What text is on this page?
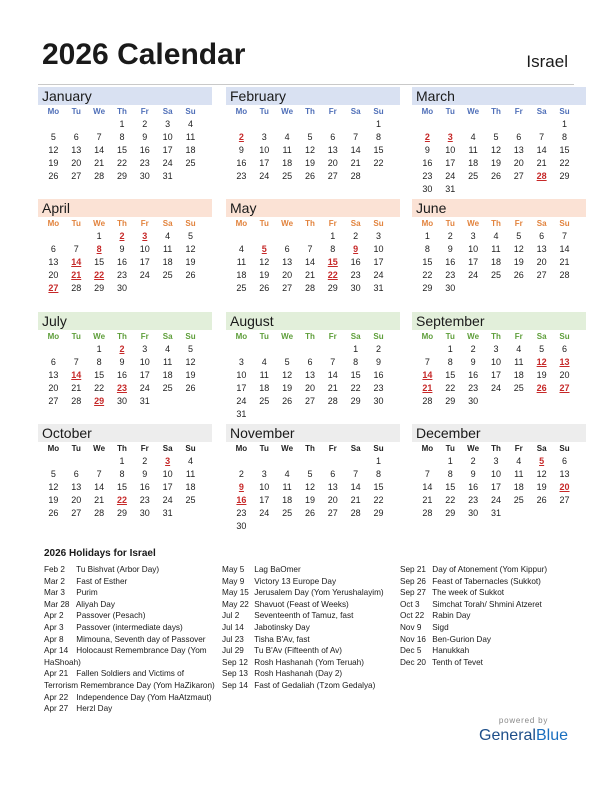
2026 Calendar	Israel
January
Mo	Tu	We	Th	Fr	Sa	Su
			1	2	3	4
5	6	7	8	9	10	11
12	13	14	15	16	17	18
19	20	21	22	23	24	25
26	27	28	29	30	31	
February
Mo	Tu	We	Th	Fr	Sa	Su
						1
2	3	4	5	6	7	8
9	10	11	12	13	14	15
16	17	18	19	20	21	22
23	24	25	26	27	28	
March
Mo	Tu	We	Th	Fr	Sa	Su
						1
2	3	4	5	6	7	8
9	10	11	12	13	14	15
16	17	18	19	20	21	22
23	24	25	26	27	28	29
30	31					
April
Mo	Tu	We	Th	Fr	Sa	Su
		1	2	3	4	5
6	7	8	9	10	11	12
13	14	15	16	17	18	19
20	21	22	23	24	25	26
27	28	29	30			
May
Mo	Tu	We	Th	Fr	Sa	Su
				1	2	3
4	5	6	7	8	9	10
11	12	13	14	15	16	17
18	19	20	21	22	23	24
25	26	27	28	29	30	31
June
Mo	Tu	We	Th	Fr	Sa	Su
1	2	3	4	5	6	7
8	9	10	11	12	13	14
15	16	17	18	19	20	21
22	23	24	25	26	27	28
29	30					
July
Mo	Tu	We	Th	Fr	Sa	Su
		1	2	3	4	5
6	7	8	9	10	11	12
13	14	15	16	17	18	19
20	21	22	23	24	25	26
27	28	29	30	31		
August
Mo	Tu	We	Th	Fr	Sa	Su
					1	2
3	4	5	6	7	8	9
10	11	12	13	14	15	16
17	18	19	20	21	22	23
24	25	26	27	28	29	30
31						
September
Mo	Tu	We	Th	Fr	Sa	Su
	1	2	3	4	5	6
7	8	9	10	11	12	13
14	15	16	17	18	19	20
21	22	23	24	25	26	27
28	29	30				
October
Mo	Tu	We	Th	Fr	Sa	Su
			1	2	3	4
5	6	7	8	9	10	11
12	13	14	15	16	17	18
19	20	21	22	23	24	25
26	27	28	29	30	31	
November
Mo	Tu	We	Th	Fr	Sa	Su
						1
2	3	4	5	6	7	8
9	10	11	12	13	14	15
16	17	18	19	20	21	22
23	24	25	26	27	28	29
30						
December
Mo	Tu	We	Th	Fr	Sa	Su
	1	2	3	4	5	6
7	8	9	10	11	12	13
14	15	16	17	18	19	20
21	22	23	24	25	26	27
28	29	30	31			
2026 Holidays for Israel
Feb 2 Tu Bishvat (Arbor Day)
Mar 2 Fast of Esther
Mar 3 Purim
Mar 28 Aliyah Day
Apr 2 Passover (Pesach)
Apr 3 Passover (intermediate days)
Apr 8 Mimouna, Seventh day of Passover
Apr 14 Holocaust Remembrance Day (Yom HaShoah)
Apr 21 Fallen Soldiers and Victims of Terrorism Remembrance Day (Yom HaZikaron)
Apr 22 Independence Day (Yom HaAtzmaut)
Apr 27 Herzl Day
May 5 Lag BaOmer
May 9 Victory 13 Europe Day
May 15 Jerusalem Day (Yom Yerushalayim)
May 22 Shavuot (Feast of Weeks)
Jul 2 Seventeenth of Tamuz, fast
Jul 14 Jabotinsky Day
Jul 23 Tisha B'Av, fast
Jul 29 Tu B'Av (Fifteenth of Av)
Sep 12 Rosh Hashanah (Yom Teruah)
Sep 13 Rosh Hashanah (Day 2)
Sep 14 Fast of Gedaliah (Tzom Gedalya)
Sep 21 Day of Atonement (Yom Kippur)
Sep 26 Feast of Tabernacles (Sukkot)
Sep 27 The week of Sukkot
Oct 3 Simchat Torah/ Shmini Atzeret
Oct 22 Rabin Day
Nov 9 Sigd
Nov 16 Ben-Gurion Day
Dec 5 Hanukkah
Dec 20 Tenth of Tevet
powered by
GeneralBlue
